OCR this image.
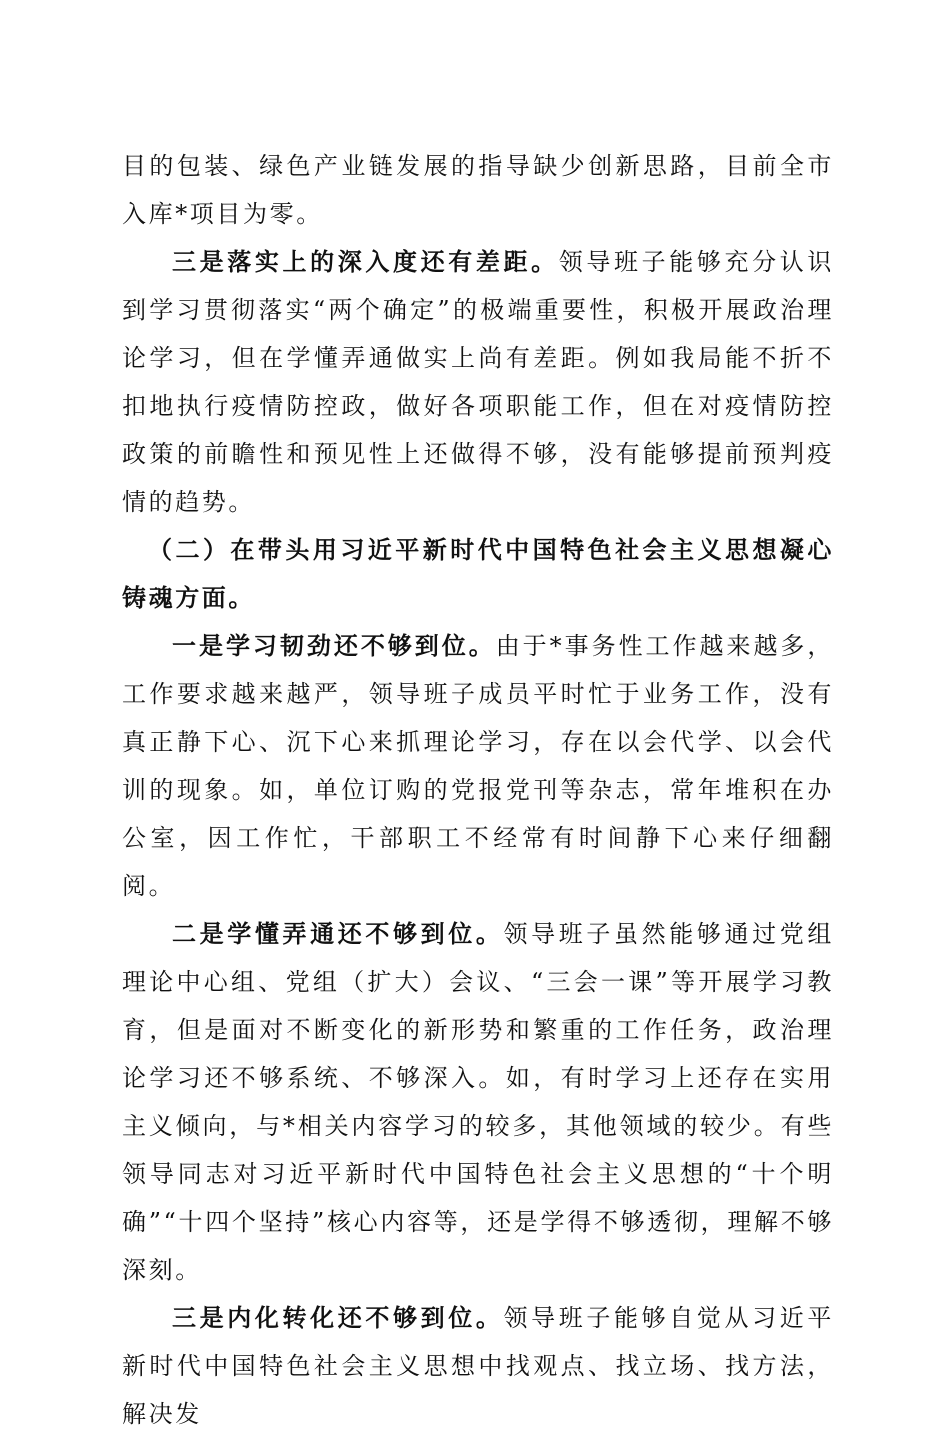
目的包装、绿色产业链发展的指导缺少创新思路，目前全市入库*项目为零。

三是落实上的深入度还有差距。领导班子能够充分认识到学习贯彻落实“两个确定”的极端重要性，积极开展政治理论学习，但在学懂弄通做实上尚有差距。例如我局能不折不扣地执行疫情防控政，做好各项职能工作，但在对疫情防控政策的前瞻性和预见性上还做得不够，没有能够提前预判疫情的趋势。

（二）在带头用习近平新时代中国特色社会主义思想凝心铸魂方面。

一是学习韧劲还不够到位。由于*事务性工作越来越多，工作要求越来越严，领导班子成员平时忙于业务工作，没有真正静下心、沉下心来抓理论学习，存在以会代学、以会代训的现象。如，单位订购的党报党刊等杂志，常年堆积在办公室，因工作忙，干部职工不经常有时间静下心来仔细翻阅。

二是学懂弄通还不够到位。领导班子虽然能够通过党组理论中心组、党组（扩大）会议、“三会一课”等开展学习教育，但是面对不断变化的新形势和繁重的工作任务，政治理论学习还不够系统、不够深入。如，有时学习上还存在实用主义倾向，与*相关内容学习的较多，其他领域的较少。有些领导同志对习近平新时代中国特色社会主义思想的“十个明确”“十四个坚持”核心内容等，还是学得不够透彻，理解不够深刻。

三是内化转化还不够到位。领导班子能够自觉从习近平新时代中国特色社会主义思想中找观点、找立场、找方法，解决发
